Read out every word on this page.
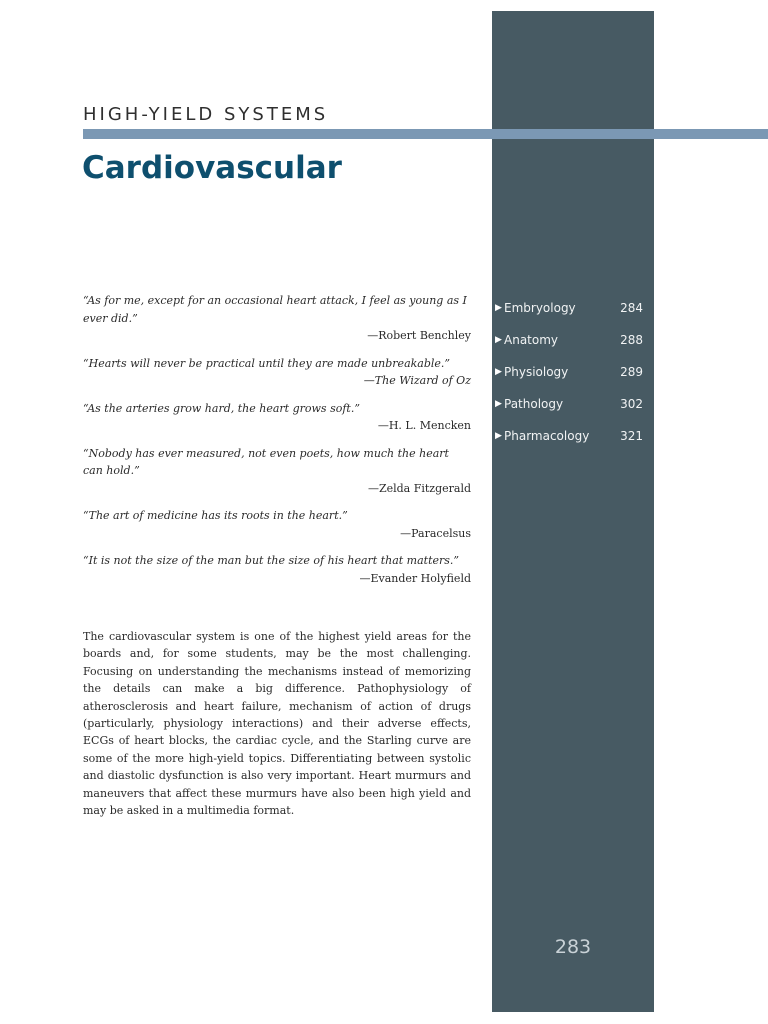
HIGH-YIELD SYSTEMS
Cardiovascular
“As for me, except for an occasional heart attack, I feel as young as I ever did.”
—Robert Benchley
“Hearts will never be practical until they are made unbreakable.”
—The Wizard of Oz
“As the arteries grow hard, the heart grows soft.”
—H. L. Mencken
“Nobody has ever measured, not even poets, how much the heart can hold.”
—Zelda Fitzgerald
“The art of medicine has its roots in the heart.”
—Paracelsus
“It is not the size of the man but the size of his heart that matters.”
—Evander Holyfield
The cardiovascular system is one of the highest yield areas for the boards and, for some students, may be the most challenging. Focusing on understanding the mechanisms instead of memorizing the details can make a big difference. Pathophysiology of atherosclerosis and heart failure, mechanism of action of drugs (particularly, physiology interactions) and their adverse effects, ECGs of heart blocks, the cardiac cycle, and the Starling curve are some of the more high-yield topics. Differentiating between systolic and diastolic dysfunction is also very important. Heart murmurs and maneuvers that affect these murmurs have also been high yield and may be asked in a multimedia format.
▶ Embryology	284
▶ Anatomy	288
▶ Physiology	289
▶ Pathology	302
▶ Pharmacology	321
283
